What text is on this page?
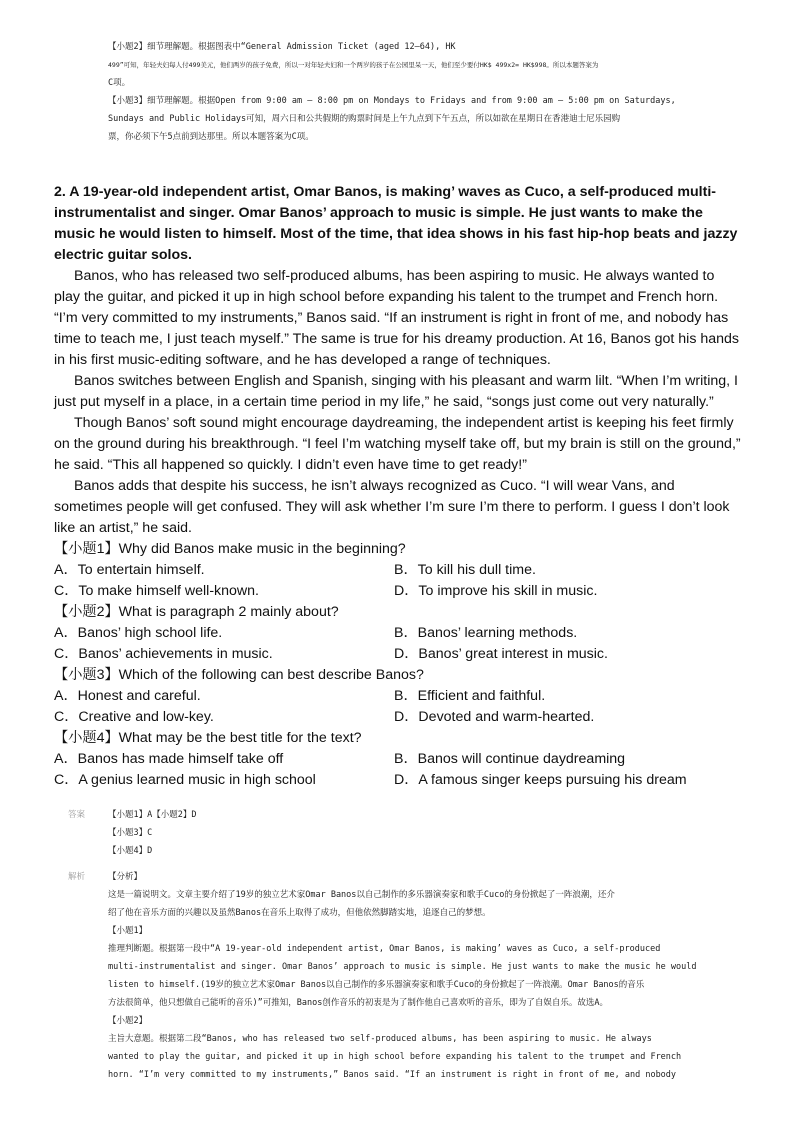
【小题2】细节理解题。根据图表中“General Admission Ticket (aged 12—64), HK

499”可知，年轻夫妇每人付499美元，他们两岁的孩子免费，所以一对年轻夫妇和一个两岁的孩子在公园里呆一天，他们至少要付HK$ 499x2= HK$998。所以本题答案为

C项。

【小题3】细节理解题。根据Open from 9:00 am — 8:00 pm on Mondays to Fridays and from 9:00 am — 5:00 pm on Saturdays,

Sundays and Public Holidays可知，周六日和公共假期的购票时间是上午九点到下午五点，所以如欲在星期日在香港迪士尼乐园购

票，你必须下午5点前到达那里。所以本题答案为C项。

2. A 19-year-old independent artist, Omar Banos, is making’ waves as Cuco, a self-produced multi-instrumentalist and singer. Omar Banos’ approach to music is simple. He just wants to make the music he would listen to himself. Most of the time, that idea shows in his fast hip-hop beats and jazzy electric guitar solos.

Banos, who has released two self-produced albums, has been aspiring to music. He always wanted to play the guitar, and picked it up in high school before expanding his talent to the trumpet and French horn. “I’m very committed to my instruments,” Banos said. “If an instrument is right in front of me, and nobody has time to teach me, I just teach myself.” The same is true for his dreamy production. At 16, Banos got his hands in his first music-editing software, and he has developed a range of techniques.

Banos switches between English and Spanish, singing with his pleasant and warm lilt. “When I’m writing, I just put myself in a place, in a certain time period in my life,” he said, “songs just come out very naturally.”

Though Banos’ soft sound might encourage daydreaming, the independent artist is keeping his feet firmly on the ground during his breakthrough. “I feel I’m watching myself take off, but my brain is still on the ground,” he said. “This all happened so quickly. I didn’t even have time to get ready!”

Banos adds that despite his success, he isn’t always recognized as Cuco. “I will wear Vans, and sometimes people will get confused. They will ask whether I’m sure I’m there to perform. I guess I don’t look like an artist,” he said.

【小题1】Why did Banos make music in the beginning?

A．To entertain himself.	B．To kill his dull time.
C．To make himself well-known.	D．To improve his skill in music.

【小题2】What is paragraph 2 mainly about?

A．Banos’ high school life.	B．Banos’ learning methods.
C．Banos’ achievements in music.	D．Banos’ great interest in music.

【小题3】Which of the following can best describe Banos?

A．Honest and careful.	B．Efficient and faithful.
C．Creative and low-key.	D．Devoted and warm-hearted.

【小题4】What may be the best title for the text?

A．Banos has made himself take off	B．Banos will continue daydreaming
C．A genius learned music in high school	D．A famous singer keeps pursuing his dream
答案	【小题1】A【小题2】D

【小题3】C

【小题4】D

解析	【分析】

这是一篇说明文。文章主要介绍了19岁的独立艺术家Omar Banos以自己制作的多乐器演奏家和歌手Cuco的身份掀起了一阵浪潮，还介

绍了他在音乐方面的兴趣以及虽然Banos在音乐上取得了成功，但他依然脚踏实地，追逐自己的梦想。

【小题1】

推理判断题。根据第一段中“A 19-year-old independent artist, Omar Banos, is making’ waves as Cuco, a self-produced

multi-instrumentalist and singer. Omar Banos’ approach to music is simple. He just wants to make the music he would

listen to himself.(19岁的独立艺术家Omar Banos以自己制作的多乐器演奏家和歌手Cuco的身份掀起了一阵浪潮。Omar Banos的音乐

方法很简单，他只想做自己能听的音乐)”可推知，Banos创作音乐的初衷是为了制作他自己喜欢听的音乐，即为了自娱自乐。故选A。

【小题2】

主旨大意题。根据第二段“Banos, who has released two self-produced albums, has been aspiring to music. He always

wanted to play the guitar, and picked it up in high school before expanding his talent to the trumpet and French

horn. “I’m very committed to my instruments,” Banos said. “If an instrument is right in front of me, and nobody
